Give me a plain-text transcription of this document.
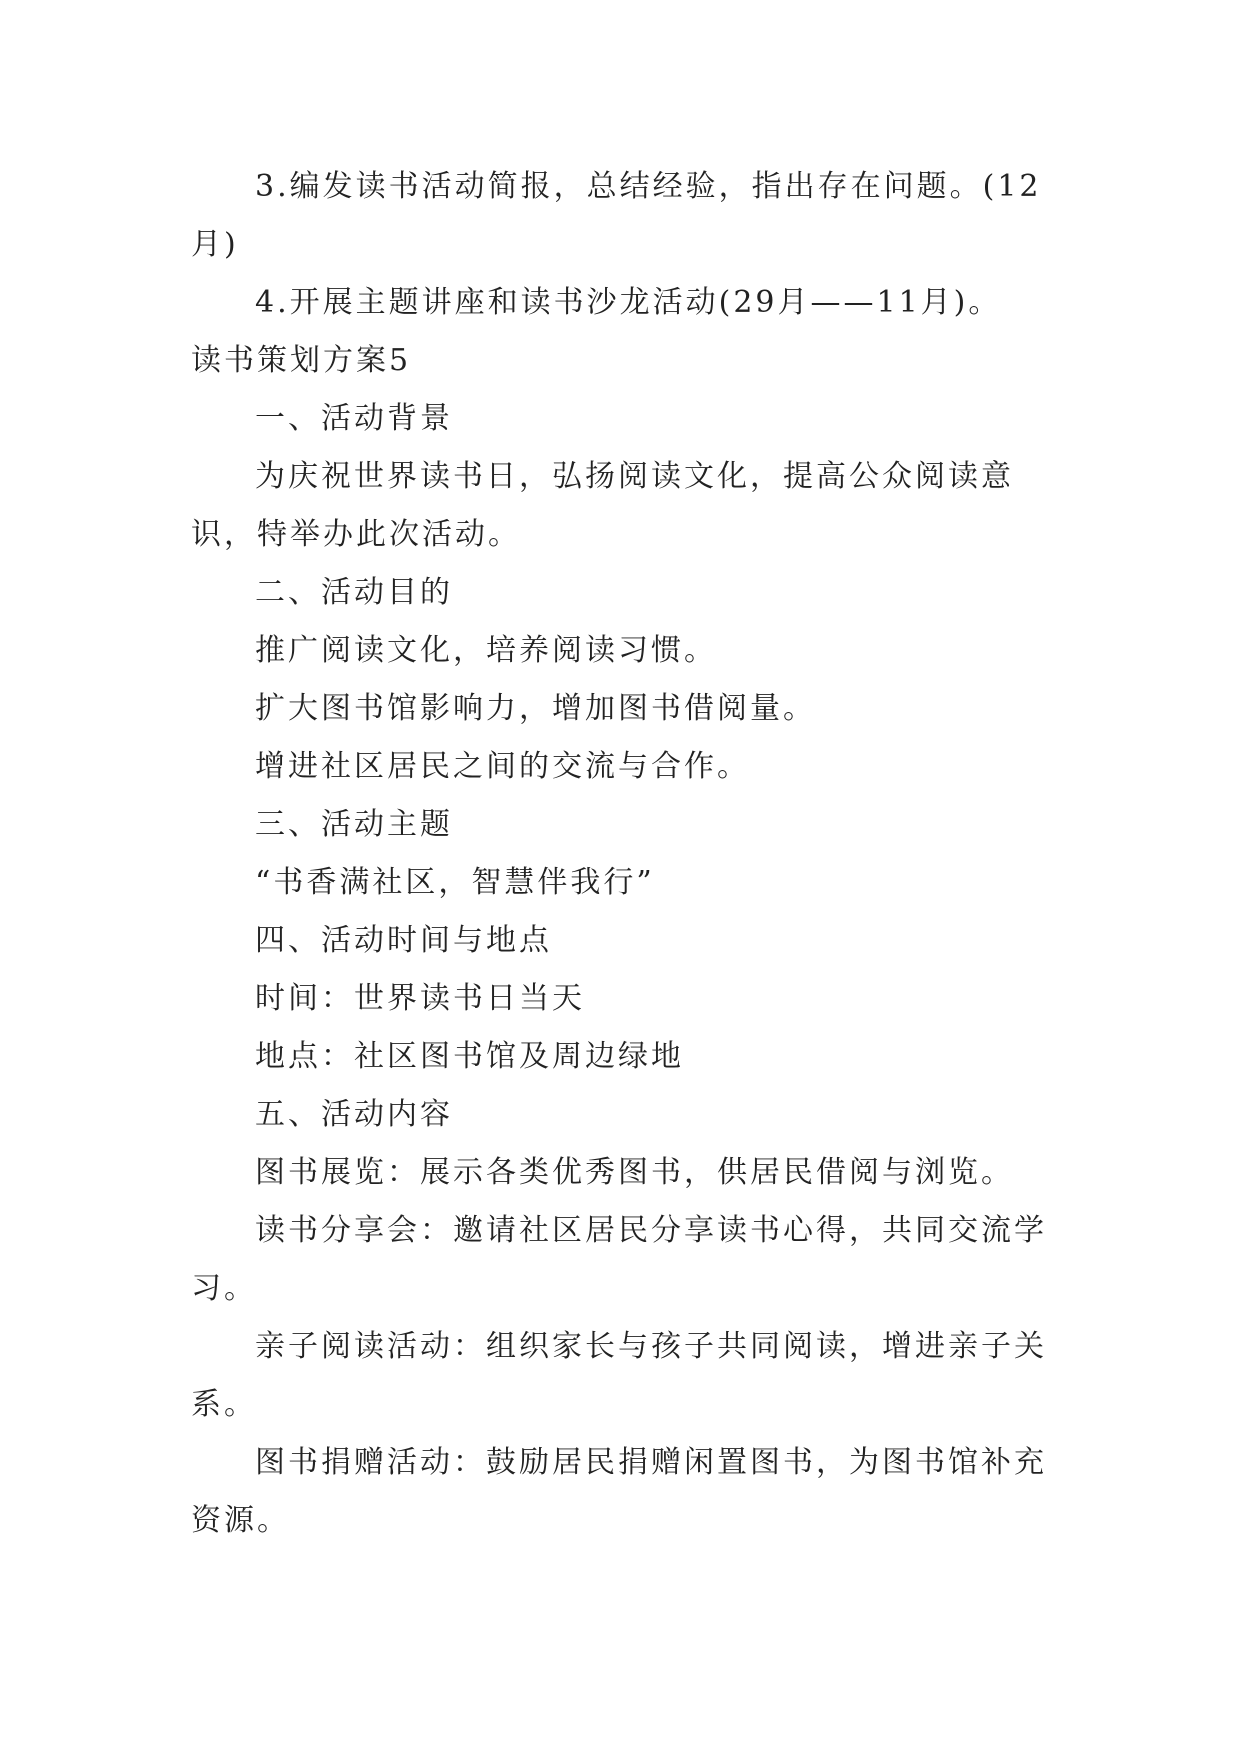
3.编发读书活动简报，总结经验，指出存在问题。(12月)

4.开展主题讲座和读书沙龙活动(29月——11月)。

读书策划方案5

一、活动背景

为庆祝世界读书日，弘扬阅读文化，提高公众阅读意识，特举办此次活动。

二、活动目的

推广阅读文化，培养阅读习惯。

扩大图书馆影响力，增加图书借阅量。

增进社区居民之间的交流与合作。

三、活动主题

“书香满社区，智慧伴我行”

四、活动时间与地点

时间：世界读书日当天

地点：社区图书馆及周边绿地

五、活动内容

图书展览：展示各类优秀图书，供居民借阅与浏览。

读书分享会：邀请社区居民分享读书心得，共同交流学习。

亲子阅读活动：组织家长与孩子共同阅读，增进亲子关系。

图书捐赠活动：鼓励居民捐赠闲置图书，为图书馆补充资源。
